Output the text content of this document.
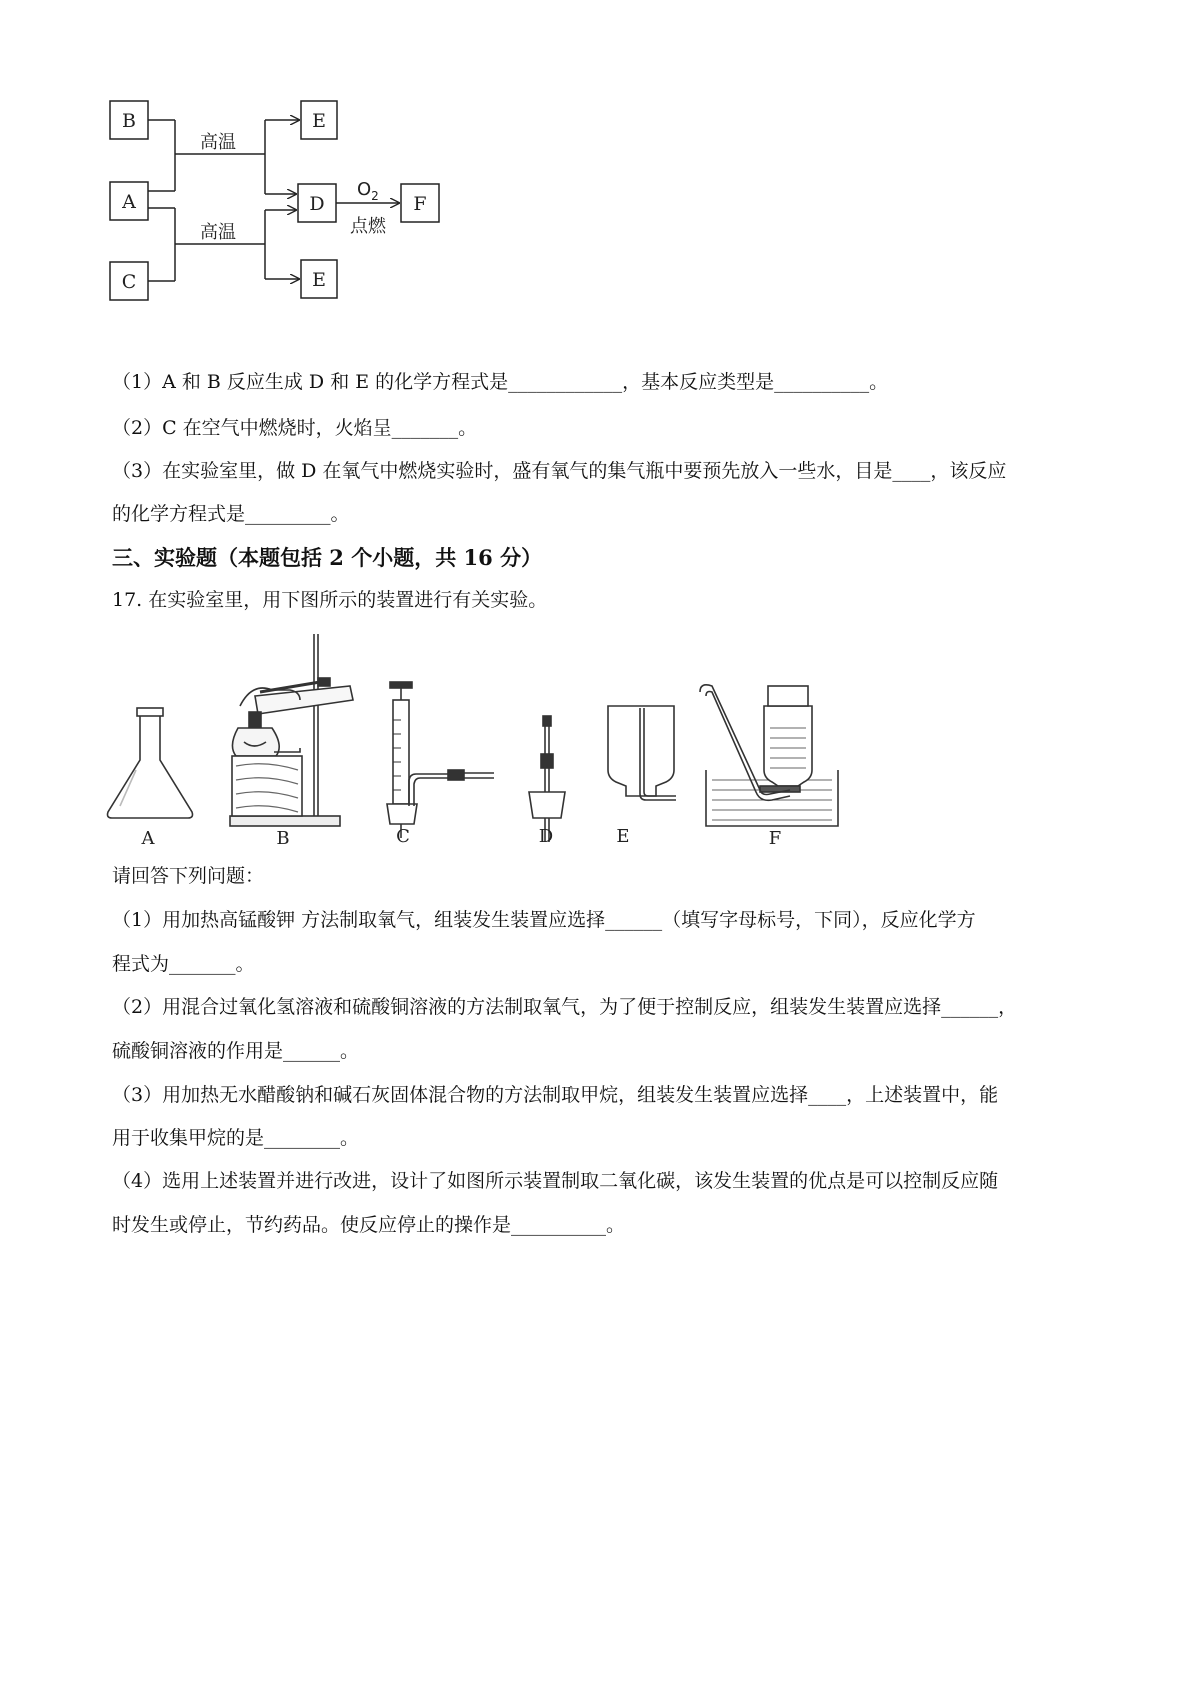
B
A
C
E
D	F
E
高温
高温
$O_2$
点燃
（1）A 和 B 反应生成 D 和 E 的化学方程式是____________，基本反应类型是__________。
（2）C 在空气中燃烧时，火焰呈_______。
（3）在实验室里，做 D 在氧气中燃烧实验时，盛有氧气的集气瓶中要预先放入一些水，目是____，该反应
的化学方程式是_________。
三、实验题（本题包括 2 个小题，共 16 分）
17. 在实验室里，用下图所示的装置进行有关实验。
A	B	C	D	E	F
请回答下列问题：
（1）用加热高锰酸钾 方法制取氧气，组装发生装置应选择______（填写字母标号，下同），反应化学方
程式为_______。
（2）用混合过氧化氢溶液和硫酸铜溶液的方法制取氧气，为了便于控制反应，组装发生装置应选择______，
硫酸铜溶液的作用是______。
（3）用加热无水醋酸钠和碱石灰固体混合物的方法制取甲烷，组装发生装置应选择____，上述装置中，能
用于收集甲烷的是________。
（4）选用上述装置并进行改进，设计了如图所示装置制取二氧化碳，该发生装置的优点是可以控制反应随
时发生或停止，节约药品。使反应停止的操作是__________。
